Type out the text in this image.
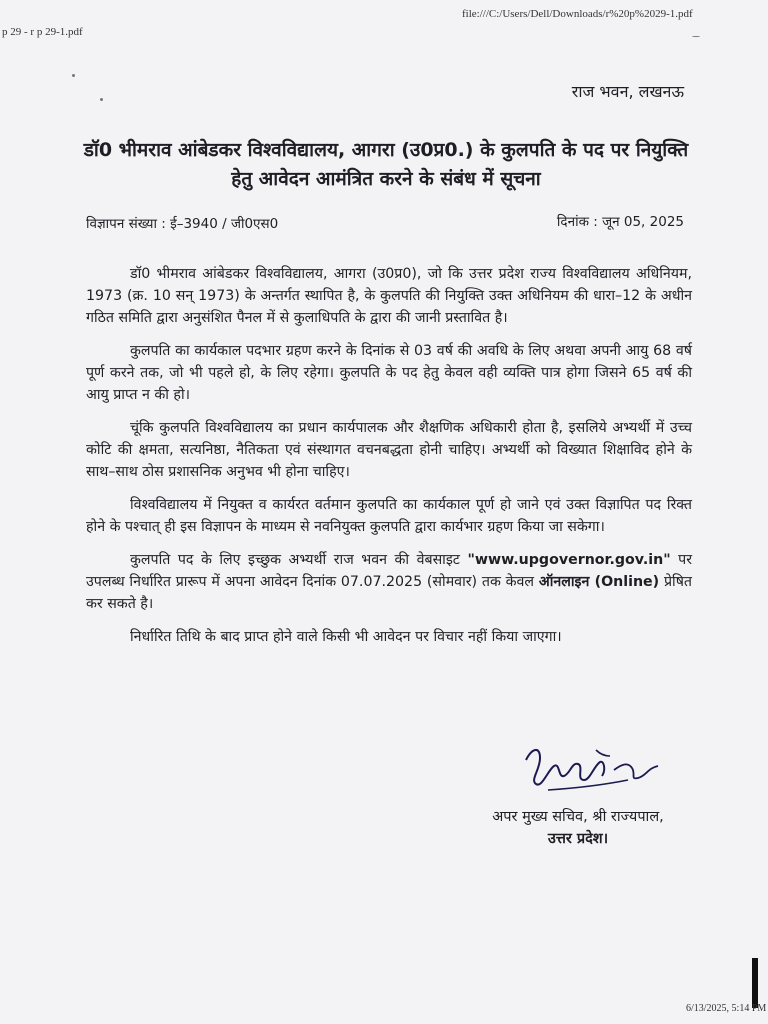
p 29 - r p 29-1.pdf
file:///C:/Users/Dell/Downloads/r%20p%2029-1.pdf
राज भवन, लखनऊ
डॉ0 भीमराव आंबेडकर विश्वविद्यालय, आगरा (उ0प्र0.) के कुलपति के पद पर नियुक्ति
हेतु आवेदन आमंत्रित करने के संबंध में सूचना
विज्ञापन संख्या : ई–3940 / जी0एस0	दिनांक : जून 05, 2025

डॉ0 भीमराव आंबेडकर विश्वविद्यालय, आगरा (उ0प्र0), जो कि उत्तर प्रदेश राज्य विश्वविद्यालय अधिनियम, 1973 (क्र. 10 सन् 1973) के अन्तर्गत स्थापित है, के कुलपति की नियुक्ति उक्त अधिनियम की धारा–12 के अधीन गठित समिति द्वारा अनुसंशित पैनल में से कुलाधिपति के द्वारा की जानी प्रस्तावित है।

कुलपति का कार्यकाल पदभार ग्रहण करने के दिनांक से 03 वर्ष की अवधि के लिए अथवा अपनी आयु 68 वर्ष पूर्ण करने तक, जो भी पहले हो, के लिए रहेगा। कुलपति के पद हेतु केवल वही व्यक्ति पात्र होगा जिसने 65 वर्ष की आयु प्राप्त न की हो।

चूंकि कुलपति विश्वविद्यालय का प्रधान कार्यपालक और शैक्षणिक अधिकारी होता है, इसलिये अभ्यर्थी में उच्च कोटि की क्षमता, सत्यनिष्ठा, नैतिकता एवं संस्थागत वचनबद्धता होनी चाहिए। अभ्यर्थी को विख्यात शिक्षाविद होने के साथ–साथ ठोस प्रशासनिक अनुभव भी होना चाहिए।

विश्वविद्यालय में नियुक्त व कार्यरत वर्तमान कुलपति का कार्यकाल पूर्ण हो जाने एवं उक्त विज्ञापित पद रिक्त होने के पश्चात् ही इस विज्ञापन के माध्यम से नवनियुक्त कुलपति द्वारा कार्यभार ग्रहण किया जा सकेगा।

कुलपति पद के लिए इच्छुक अभ्यर्थी राज भवन की वेबसाइट "www.upgovernor.gov.in" पर उपलब्ध निर्धारित प्रारूप में अपना आवेदन दिनांक 07.07.2025 (सोमवार) तक केवल ऑनलाइन (Online) प्रेषित कर सकते है।

निर्धारित तिथि के बाद प्राप्त होने वाले किसी भी आवेदन पर विचार नहीं किया जाएगा।

अपर मुख्य सचिव, श्री राज्यपाल,
उत्तर प्रदेश।
6/13/2025, 5:14 PM
